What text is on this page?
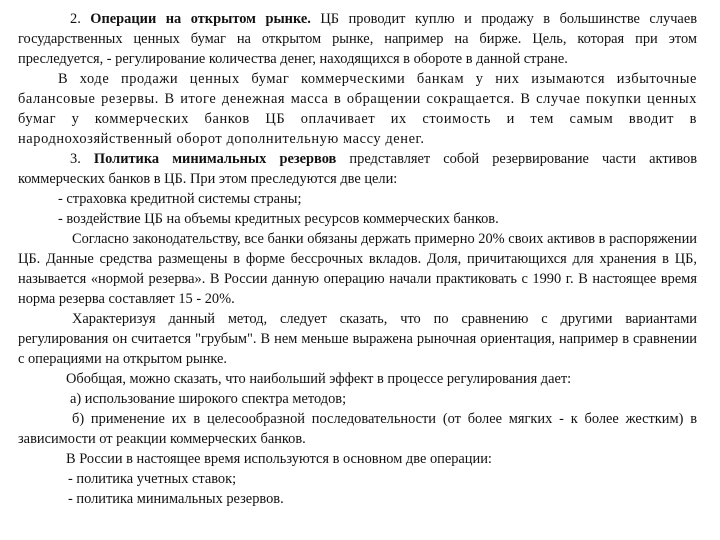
2. Операции на открытом рынке. ЦБ проводит куплю и продажу в большинстве случаев государственных ценных бумаг на открытом рынке, например на бирже. Цель, которая при этом преследуется, - регулирование количества денег, находящихся в обороте в данной стране.

В ходе продажи ценных бумаг коммерческими банкам у них изымаются избыточные балансовые резервы. В итоге денежная масса в обращении сокращается. В случае покупки ценных бумаг у коммерческих банков ЦБ оплачивает их стоимость и тем самым вводит в народнохозяйственный оборот дополнительную массу денег.

3. Политика минимальных резервов представляет собой резервирование части активов коммерческих банков в ЦБ. При этом преследуются две цели:

- страховка кредитной системы страны;
- воздействие ЦБ на объемы кредитных ресурсов коммерческих банков.

Согласно законодательству, все банки обязаны держать примерно 20% своих активов в распоряжении ЦБ. Данные средства размещены в форме бессрочных вкладов. Доля, причитающихся для хранения в ЦБ, называется «нормой резерва». В России данную операцию начали практиковать с 1990 г. В настоящее время норма резерва составляет 15 - 20%.

Характеризуя данный метод, следует сказать, что по сравнению с другими вариантами регулирования он считается "грубым". В нем меньше выражена рыночная ориентация, например в сравнении с операциями на открытом рынке.

Обобщая, можно сказать, что наибольший эффект в процессе регулирования дает:

а) использование широкого спектра методов;

б) применение их в целесообразной последовательности (от более мягких - к более жестким) в зависимости от реакции коммерческих банков.

В России в настоящее время используются в основном две операции:

- политика учетных ставок;
- политика минимальных резервов.
